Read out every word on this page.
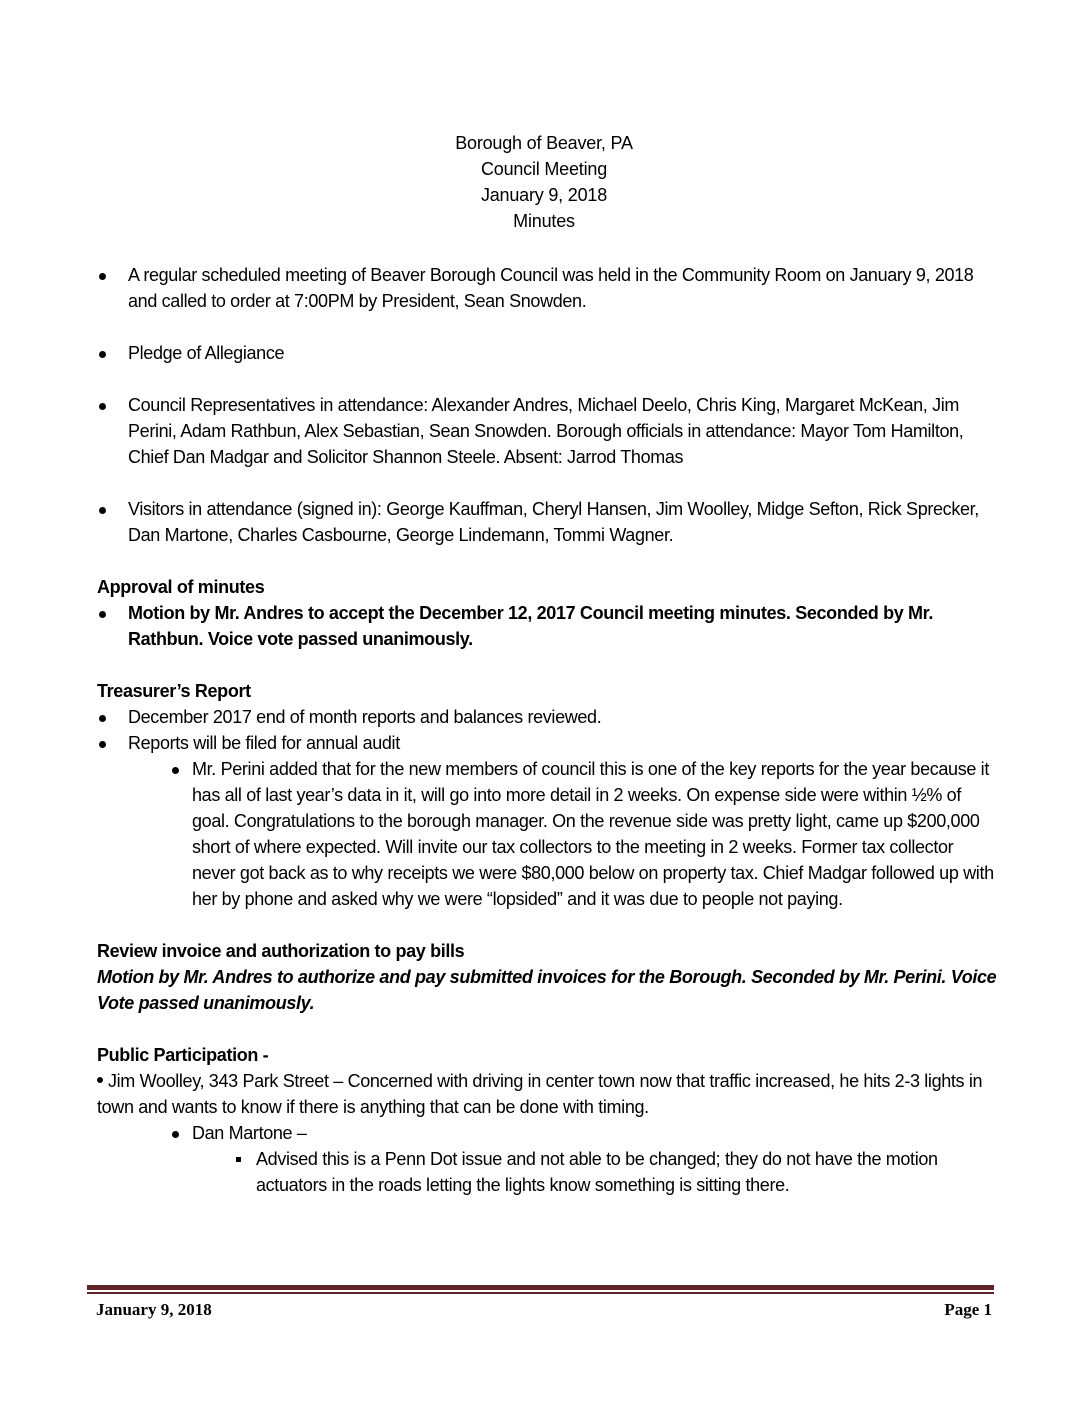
Borough of Beaver, PA
Council Meeting
January 9, 2018
Minutes
A regular scheduled meeting of Beaver Borough Council was held in the Community Room on January 9, 2018 and called to order at 7:00PM by President, Sean Snowden.
Pledge of Allegiance
Council Representatives in attendance: Alexander Andres, Michael Deelo, Chris King, Margaret McKean, Jim Perini, Adam Rathbun, Alex Sebastian, Sean Snowden. Borough officials in attendance: Mayor Tom Hamilton, Chief Dan Madgar and Solicitor Shannon Steele. Absent: Jarrod Thomas
Visitors in attendance (signed in): George Kauffman, Cheryl Hansen, Jim Woolley, Midge Sefton, Rick Sprecker, Dan Martone, Charles Casbourne, George Lindemann, Tommi Wagner.
Approval of minutes
Motion by Mr. Andres to accept the December 12, 2017 Council meeting minutes. Seconded by Mr. Rathbun. Voice vote passed unanimously.
Treasurer’s Report
December 2017 end of month reports and balances reviewed.
Reports will be filed for annual audit
Mr. Perini added that for the new members of council this is one of the key reports for the year because it has all of last year’s data in it, will go into more detail in 2 weeks. On expense side were within ½% of goal. Congratulations to the borough manager. On the revenue side was pretty light, came up $200,000 short of where expected. Will invite our tax collectors to the meeting in 2 weeks. Former tax collector never got back as to why receipts we were $80,000 below on property tax. Chief Madgar followed up with her by phone and asked why we were “lopsided” and it was due to people not paying.
Review invoice and authorization to pay bills
Motion by Mr. Andres to authorize and pay submitted invoices for the Borough. Seconded by Mr. Perini. Voice Vote passed unanimously.
Public Participation -
Jim Woolley, 343 Park Street – Concerned with driving in center town now that traffic increased, he hits 2-3 lights in town and wants to know if there is anything that can be done with timing.
Dan Martone –
Advised this is a Penn Dot issue and not able to be changed; they do not have the motion actuators in the roads letting the lights know something is sitting there.
January 9, 2018	Page 1
